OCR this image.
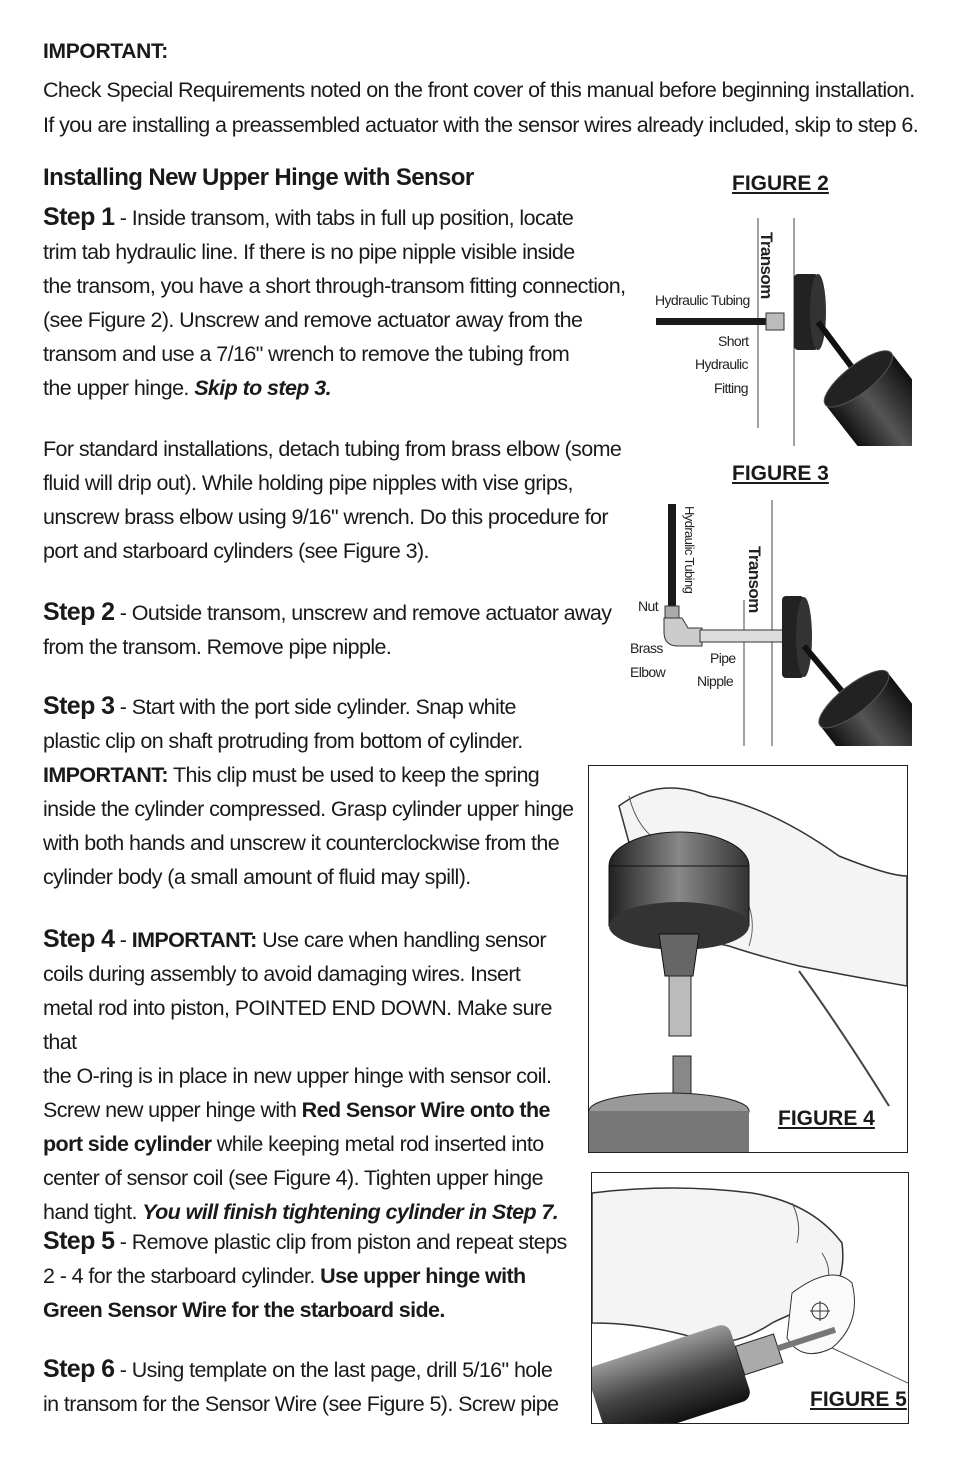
IMPORTANT:
Check Special Requirements noted on the front cover of this manual before beginning installation.
If you are installing a preassembled actuator with the sensor wires already included, skip to step 6.
Installing New Upper Hinge with Sensor
Step 1 - Inside transom, with tabs in full up position, locate
trim tab hydraulic line. If there is no pipe nipple visible inside
the transom, you have a short through-transom fitting connection,
(see Figure 2). Unscrew and remove actuator away from the
transom and use a 7/16" wrench to remove the tubing from
the upper hinge. Skip to step 3.
For standard installations, detach tubing from brass elbow (some
fluid will drip out). While holding pipe nipples with vise grips,
unscrew brass elbow using 9/16" wrench. Do this procedure for
port and starboard cylinders (see Figure 3).
Step 2 - Outside transom, unscrew and remove actuator away
from the transom. Remove pipe nipple.
Step 3 - Start with the port side cylinder. Snap white
plastic clip on shaft protruding from bottom of cylinder.
IMPORTANT: This clip must be used to keep the spring
inside the cylinder compressed. Grasp cylinder upper hinge
with both hands and unscrew it counterclockwise from the
cylinder body (a small amount of fluid may spill).
Step 4 - IMPORTANT: Use care when handling sensor
coils during assembly to avoid damaging wires. Insert
metal rod into piston, POINTED END DOWN. Make sure that
the O-ring is in place in new upper hinge with sensor coil.
Screw new upper hinge with Red Sensor Wire onto the
port side cylinder while keeping metal rod inserted into
center of sensor coil (see Figure 4). Tighten upper hinge
hand tight. You will finish tightening cylinder in Step 7.
Step 5 - Remove plastic clip from piston and repeat steps
2 - 4 for the starboard cylinder. Use upper hinge with
Green Sensor Wire for the starboard side.
Step 6 - Using template on the last page, drill 5/16" hole
in transom for the Sensor Wire (see Figure 5). Screw pipe
FIGURE 2
Transom
Hydraulic Tubing
Short
Hydraulic
Fitting
FIGURE 3
Hydraulic Tubing	Transom
Nut
Brass
Elbow
Pipe
Nipple
FIGURE 4
FIGURE 5
